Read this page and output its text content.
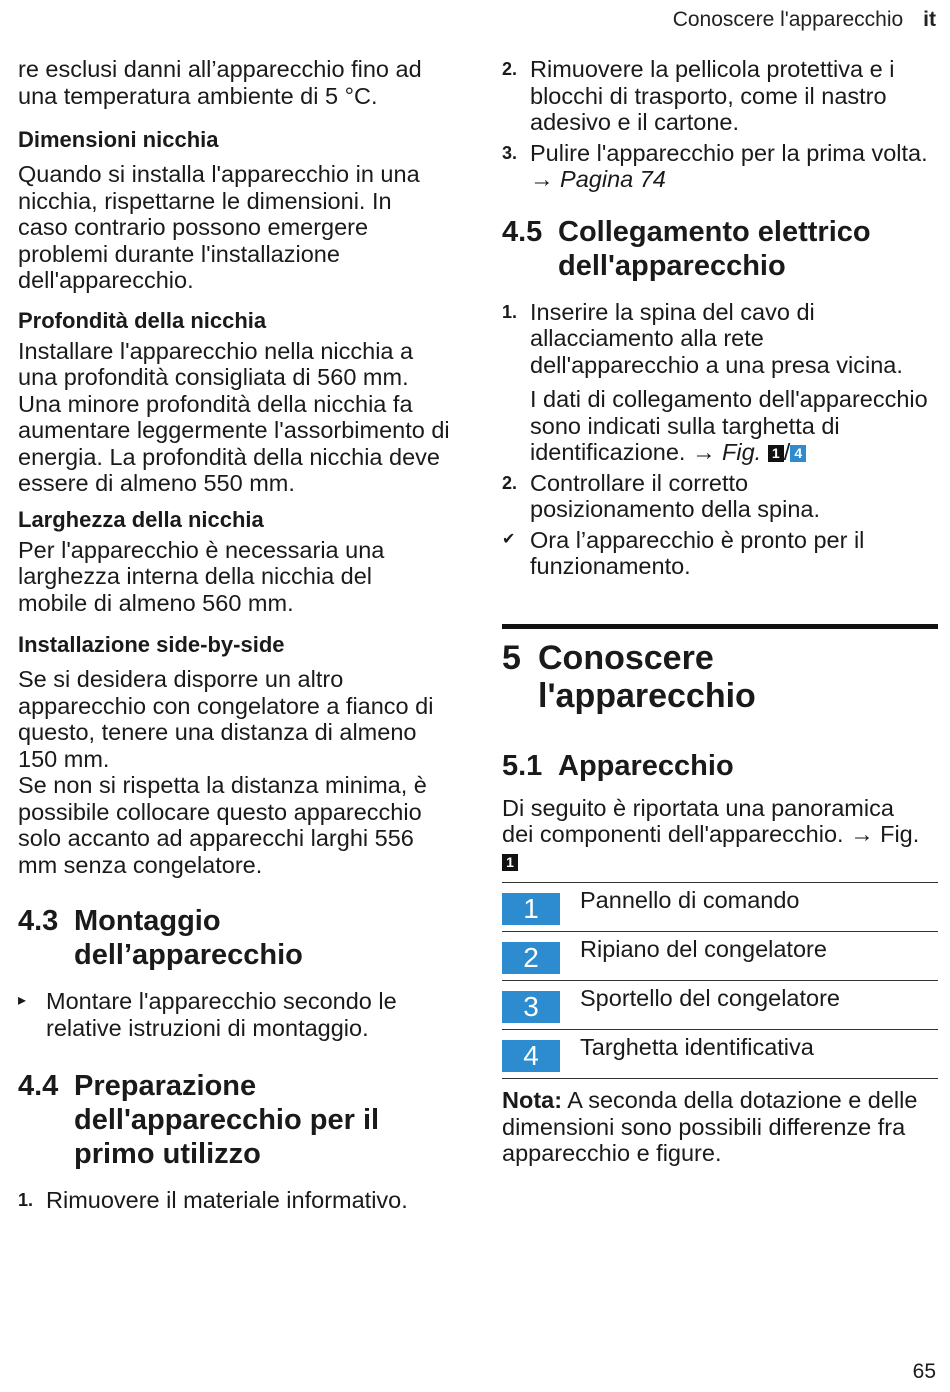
Conoscere l'apparecchio it

re esclusi danni all’apparecchio fino ad una temperatura ambiente di 5 °C.

Dimensioni nicchia

Quando si installa l'apparecchio in una nicchia, rispettarne le dimensioni. In caso contrario possono emergere problemi durante l'installazione dell'apparecchio.

Profondità della nicchia

Installare l'apparecchio nella nicchia a una profondità consigliata di 560 mm.

Una minore profondità della nicchia fa aumentare leggermente l'assorbimento di energia. La profondità della nicchia deve essere di almeno 550 mm.

Larghezza della nicchia

Per l'apparecchio è necessaria una larghezza interna della nicchia del mobile di almeno 560 mm.

Installazione side-by-side

Se si desidera disporre un altro apparecchio con congelatore a fianco di questo, tenere una distanza di almeno 150 mm.

Se non si rispetta la distanza minima, è possibile collocare questo apparecchio solo accanto ad apparecchi larghi 556 mm senza congelatore.

4.3 Montaggio dell’apparecchio
▸ Montare l'apparecchio secondo le relative istruzioni di montaggio.
4.4 Preparazione dell'apparecchio per il primo utilizzo
1. Rimuovere il materiale informativo.
2. Rimuovere la pellicola protettiva e i blocchi di trasporto, come il nastro adesivo e il cartone.
3. Pulire l'apparecchio per la prima volta. → Pagina 74
4.5 Collegamento elettrico dell'apparecchio
1. Inserire la spina del cavo di allacciamento alla rete dell'apparecchio a una presa vicina.

I dati di collegamento dell'apparecchio sono indicati sulla targhetta di identificazione. → Fig. 1 / 4

2. Controllare il corretto posizionamento della spina.
✔ Ora l’apparecchio è pronto per il funzionamento.
5 Conoscere l'apparecchio
5.1 Apparecchio

Di seguito è riportata una panoramica dei componenti dell'apparecchio. → Fig. 1

1	Pannello di comando

2	Ripiano del congelatore

3	Sportello del congelatore

4	Targhetta identificativa

Nota: A seconda della dotazione e delle dimensioni sono possibili differenze fra apparecchio e figure.

65
